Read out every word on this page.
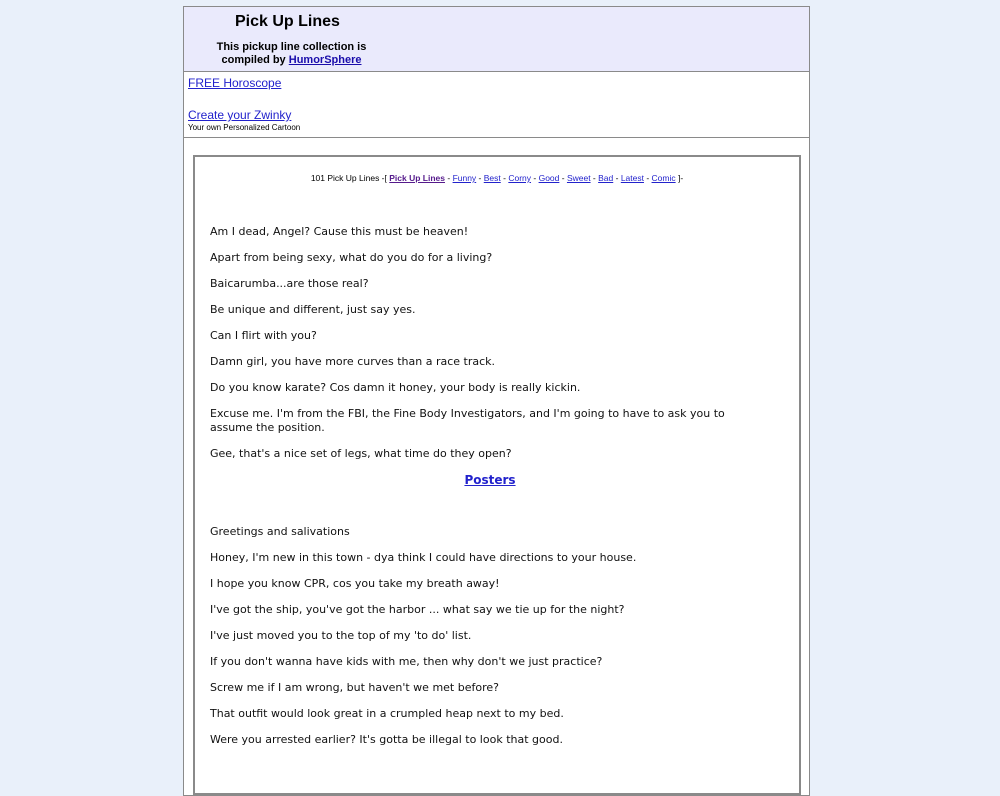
Pick Up Lines
This pickup line collection is
compiled by HumorSphere
FREE Horoscope
Create your Zwinky
Your own Personalized Cartoon
101 Pick Up Lines -[ Pick Up Lines - Funny - Best - Corny - Good - Sweet - Bad - Latest - Comic ]-

Am I dead, Angel? Cause this must be heaven!

Apart from being sexy, what do you do for a living?

Baicarumba...are those real?

Be unique and different, just say yes.

Can I flirt with you?

Damn girl, you have more curves than a race track.

Do you know karate? Cos damn it honey, your body is really kickin.

Excuse me. I'm from the FBI, the Fine Body Investigators, and I'm going to have to ask you to assume the position.

Gee, that's a nice set of legs, what time do they open?

Posters

Greetings and salivations

Honey, I'm new in this town - dya think I could have directions to your house.

I hope you know CPR, cos you take my breath away!

I've got the ship, you've got the harbor ... what say we tie up for the night?

I've just moved you to the top of my 'to do' list.

If you don't wanna have kids with me, then why don't we just practice?

Screw me if I am wrong, but haven't we met before?

That outfit would look great in a crumpled heap next to my bed.

Were you arrested earlier? It's gotta be illegal to look that good.
